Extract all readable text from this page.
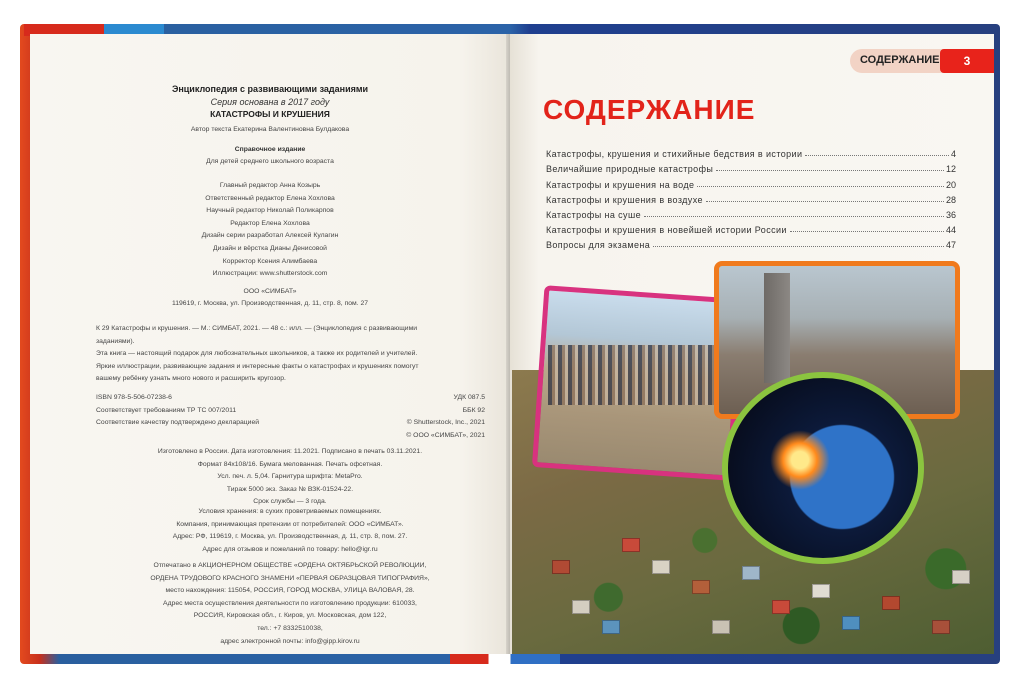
Энциклопедия с развивающими заданиями

Серия основана в 2017 году

КАТАСТРОФЫ И КРУШЕНИЯ

Автор текста Екатерина Валентиновна Булдакова

Справочное издание

Для детей среднего школьного возраста

Главный редактор Анна Козырь
Ответственный редактор Елена Хохлова
Научный редактор Николай Поликарпов
Редактор Елена Хохлова
Дизайн серии разработал Алексей Кулагин
Дизайн и вёрстка Дианы Денисовой
Корректор Ксения Алимбаева

Иллюстрации: www.shutterstock.com

ООО «СИМБАТ»

119619, г. Москва, ул. Производственная, д. 11, стр. 8, пом. 27

К 29 Катастрофы и крушения. — М.: СИМБАТ, 2021. — 48 с.: илл. — (Энциклопедия с развивающими
заданиями).
Эта книга — настоящий подарок для любознательных школьников, а также их родителей и учителей.
Яркие иллюстрации, развивающие задания и интересные факты о катастрофах и крушениях помогут
вашему ребёнку узнать много нового и расширить кругозор.
ISBN 978-5-506-07238-6
Соответствует требованиям ТР ТС 007/2011
Соответствие качеству подтверждено декларацией
УДК 087.5
ББК 92
© Shutterstock, Inc., 2021
© ООО «СИМБАТ», 2021
Изготовлено в России. Дата изготовления: 11.2021. Подписано в печать 03.11.2021.
Формат 84х108/16. Бумага мелованная. Печать офсетная.
Усл. печ. л. 5,04. Гарнитура шрифта: MetaPro.
Тираж 5000 экз. Заказ № ВЗК-01524-22.
Срок службы — 3 года.
Условия хранения: в сухих проветриваемых помещениях.
Компания, принимающая претензии от потребителей: ООО «СИМБАТ».
Адрес: РФ, 119619, г. Москва, ул. Производственная, д. 11, стр. 8, пом. 27.
Адрес для отзывов и пожеланий по товару: hello@igr.ru
Отпечатано в АКЦИОНЕРНОМ ОБЩЕСТВЕ «ОРДЕНА ОКТЯБРЬСКОЙ РЕВОЛЮЦИИ,
ОРДЕНА ТРУДОВОГО КРАСНОГО ЗНАМЕНИ «ПЕРВАЯ ОБРАЗЦОВАЯ ТИПОГРАФИЯ»,
место нахождения: 115054, РОССИЯ, ГОРОД МОСКВА, УЛИЦА ВАЛОВАЯ, 28.
Адрес места осуществления деятельности по изготовлению продукции: 610033,
РОССИЯ, Кировская обл., г. Киров, ул. Московская, дом 122,
тел.: +7 8332510038,
адрес электронной почты: info@gipp.kirov.ru
СОДЕРЖАНИЕ	3
СОДЕРЖАНИЕ
Катастрофы, крушения и стихийные бедствия в истории	4
Величайшие природные катастрофы	12
Катастрофы и крушения на воде	20
Катастрофы и крушения в воздухе	28
Катастрофы на суше	36
Катастрофы и крушения в новейшей истории России	44
Вопросы для экзамена	47
